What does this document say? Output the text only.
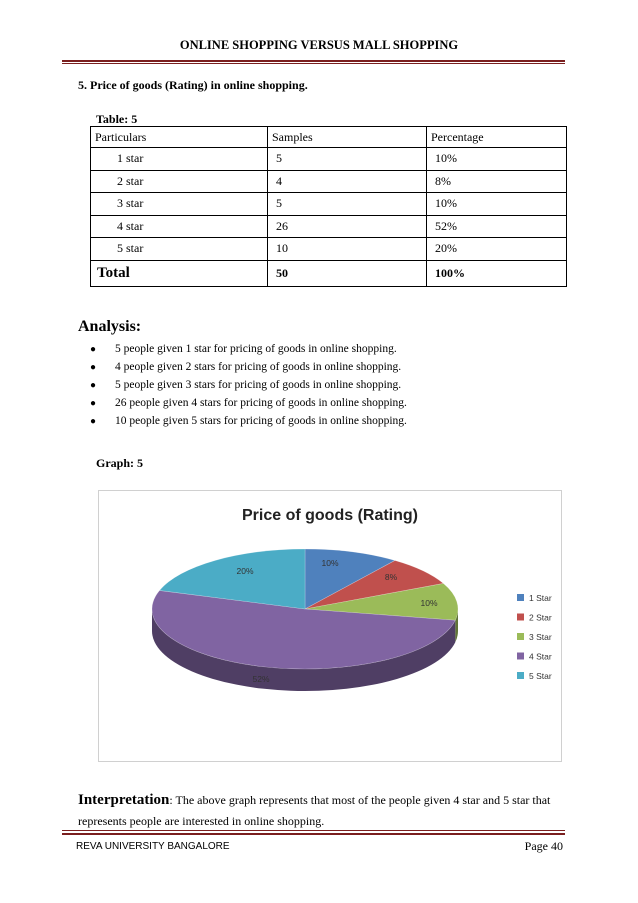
ONLINE SHOPPING VERSUS MALL SHOPPING
5. Price of goods (Rating) in online shopping.
Table: 5
Particulars	Samples	Percentage
1 star	5	10%
2 star	4	8%
3 star	5	10%
4 star	26	52%
5 star	10	20%
Total	50	100%
Analysis:
● 5 people given 1 star for pricing of goods in online shopping.
● 4 people given 2 stars for pricing of goods in online shopping.
● 5 people given 3 stars for pricing of goods in online shopping.
● 26 people given 4 stars for pricing of goods in online shopping.
● 10 people given 5 stars for pricing of goods in online shopping.
Graph: 5
Price of goods (Rating)
10%
8%
10%
52%
20%
1 Star
2 Star
3 Star
4 Star
5 Star
Interpretation: The above graph represents that most of the people given 4 star and 5 star that represents people are interested in online shopping.
REVA UNIVERSITY BANGALORE	Page 40
